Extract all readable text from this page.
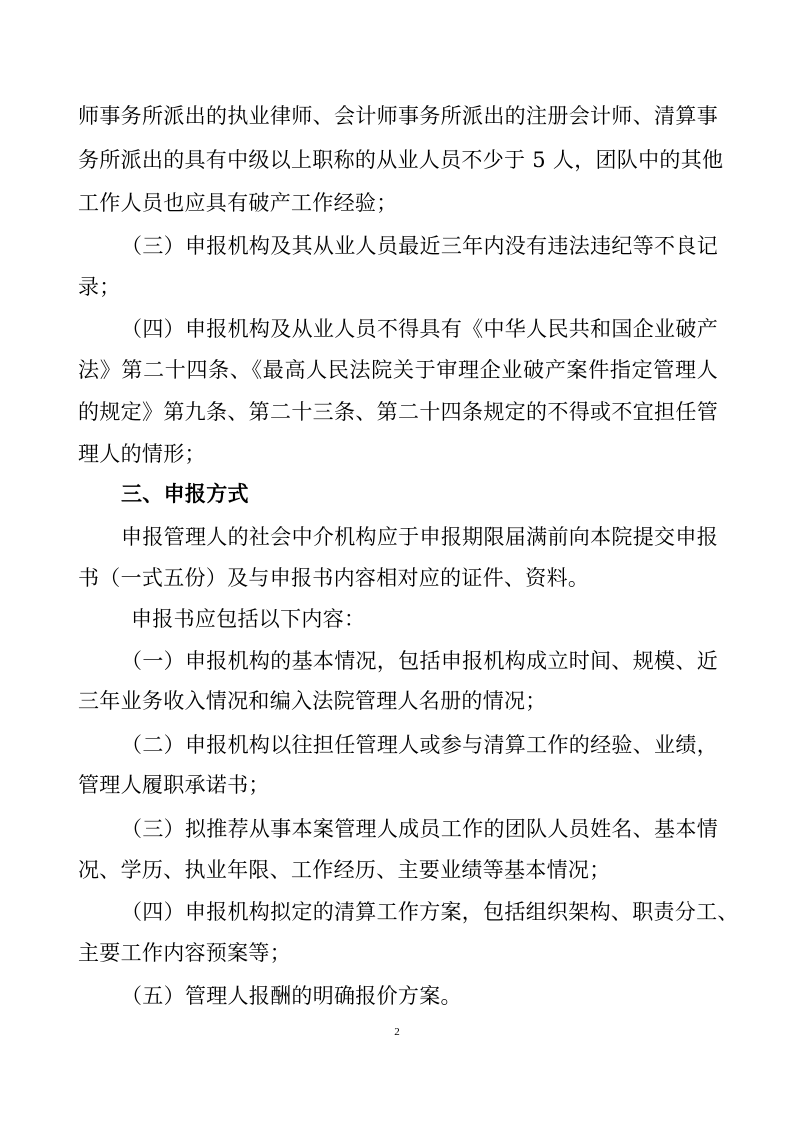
师事务所派出的执业律师、会计师事务所派出的注册会计师、清算事
务所派出的具有中级以上职称的从业人员不少于 5 人，团队中的其他
工作人员也应具有破产工作经验；
（三）申报机构及其从业人员最近三年内没有违法违纪等不良记
录；
（四）申报机构及从业人员不得具有《中华人民共和国企业破产
法》第二十四条、《最高人民法院关于审理企业破产案件指定管理人
的规定》第九条、第二十三条、第二十四条规定的不得或不宜担任管
理人的情形；
三、申报方式
申报管理人的社会中介机构应于申报期限届满前向本院提交申报
书（一式五份）及与申报书内容相对应的证件、资料。
申报书应包括以下内容：
（一）申报机构的基本情况，包括申报机构成立时间、规模、近
三年业务收入情况和编入法院管理人名册的情况；
（二）申报机构以往担任管理人或参与清算工作的经验、业绩，
管理人履职承诺书；
（三）拟推荐从事本案管理人成员工作的团队人员姓名、基本情
况、学历、执业年限、工作经历、主要业绩等基本情况；
（四）申报机构拟定的清算工作方案，包括组织架构、职责分工、
主要工作内容预案等；
（五）管理人报酬的明确报价方案。
2
